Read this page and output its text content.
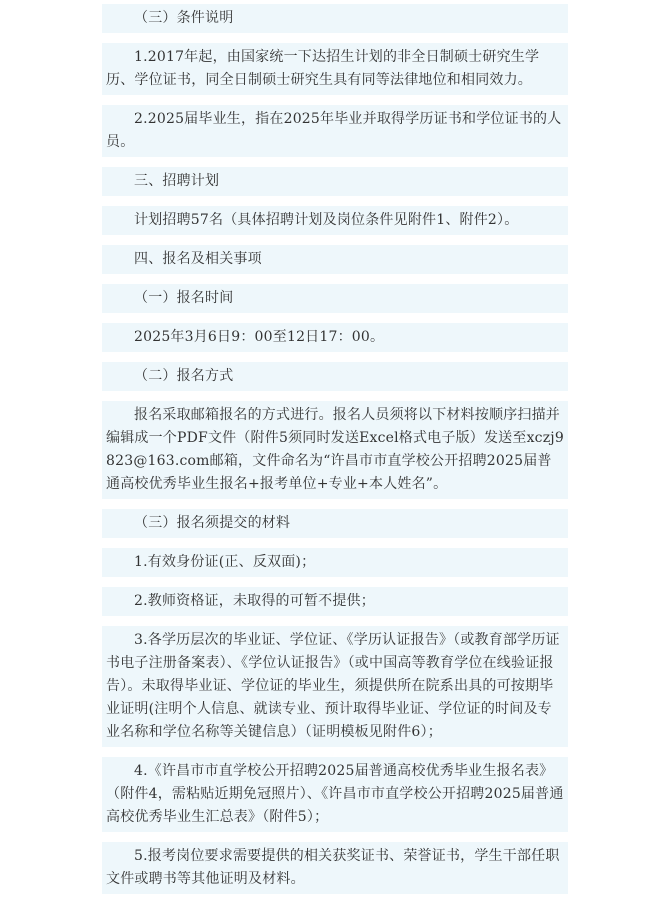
（三）条件说明
1.2017年起，由国家统一下达招生计划的非全日制硕士研究生学历、学位证书，同全日制硕士研究生具有同等法律地位和相同效力。
2.2025届毕业生，指在2025年毕业并取得学历证书和学位证书的人员。
三、招聘计划
计划招聘57名（具体招聘计划及岗位条件见附件1、附件2）。
四、报名及相关事项
（一）报名时间
2025年3月6日9：00至12日17：00。
（二）报名方式
报名采取邮箱报名的方式进行。报名人员须将以下材料按顺序扫描并编辑成一个PDF文件（附件5须同时发送Excel格式电子版）发送至xczj9823@163.com邮箱，文件命名为“许昌市市直学校公开招聘2025届普通高校优秀毕业生报名+报考单位+专业+本人姓名”。
（三）报名须提交的材料
1.有效身份证(正、反双面)；
2.教师资格证，未取得的可暂不提供；
3.各学历层次的毕业证、学位证、《学历认证报告》（或教育部学历证书电子注册备案表）、《学位认证报告》（或中国高等教育学位在线验证报告）。未取得毕业证、学位证的毕业生，须提供所在院系出具的可按期毕业证明(注明个人信息、就读专业、预计取得毕业证、学位证的时间及专业名称和学位名称等关键信息）（证明模板见附件6）；
4.《许昌市市直学校公开招聘2025届普通高校优秀毕业生报名表》（附件4，需粘贴近期免冠照片）、《许昌市市直学校公开招聘2025届普通高校优秀毕业生汇总表》（附件5）；
5.报考岗位要求需要提供的相关获奖证书、荣誉证书，学生干部任职文件或聘书等其他证明及材料。
